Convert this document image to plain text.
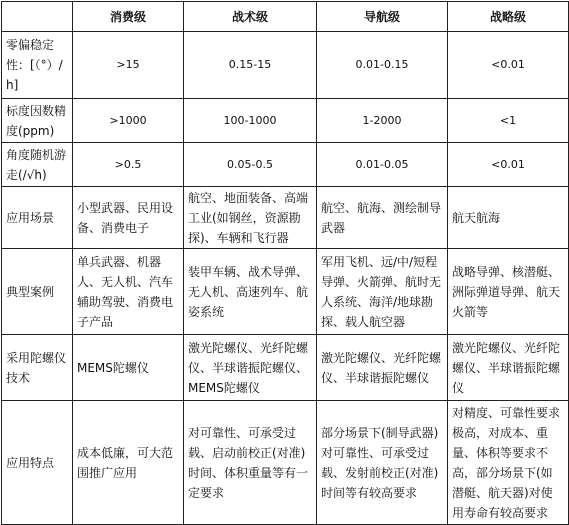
	消费级	战术级	导航级	战略级
零偏稳定性：[（°）/h]	>15	0.15-15	0.01-0.15	<0.01
标度因数精度(ppm)	>1000	100-1000	1-2000	<1
角度随机游走(/√h)	>0.5	0.05-0.5	0.01-0.05	<0.01
应用场景	小型武器、民用设备、消费电子	航空、地面装备、高端工业(如钢丝，资源勘探)、车辆和飞行器	航空、航海、测绘制导武器	航天航海
典型案例	单兵武器、机器人、无人机、汽车辅助驾驶、消费电子产品	装甲车辆、战术导弹、无人机、高速列车、航姿系统	军用飞机、远/中/短程导弹、火箭弹、航时无人系统、海洋/地球勘探、载人航空器	战略导弹、核潜艇、洲际弹道导弹、航天火箭等
采用陀螺仪技术	MEMS陀螺仪	激光陀螺仪、光纤陀螺仪、半球谐振陀螺仪、MEMS陀螺仪	激光陀螺仪、光纤陀螺仪、半球谐振陀螺仪	激光陀螺仪、光纤陀螺仪、半球谐振陀螺仪
应用特点	成本低廉，可大范围推广应用	对可靠性、可承受过载、启动前校正(对准)时间、体积重量等有一定要求	部分场景下(制导武器)对可靠性、可承受过载、发射前校正(对准)时间等有较高要求	对精度、可靠性要求极高，对成本、重量、体积等要求不高，部分场景下(如潜艇、航天器)对使用寿命有较高要求
